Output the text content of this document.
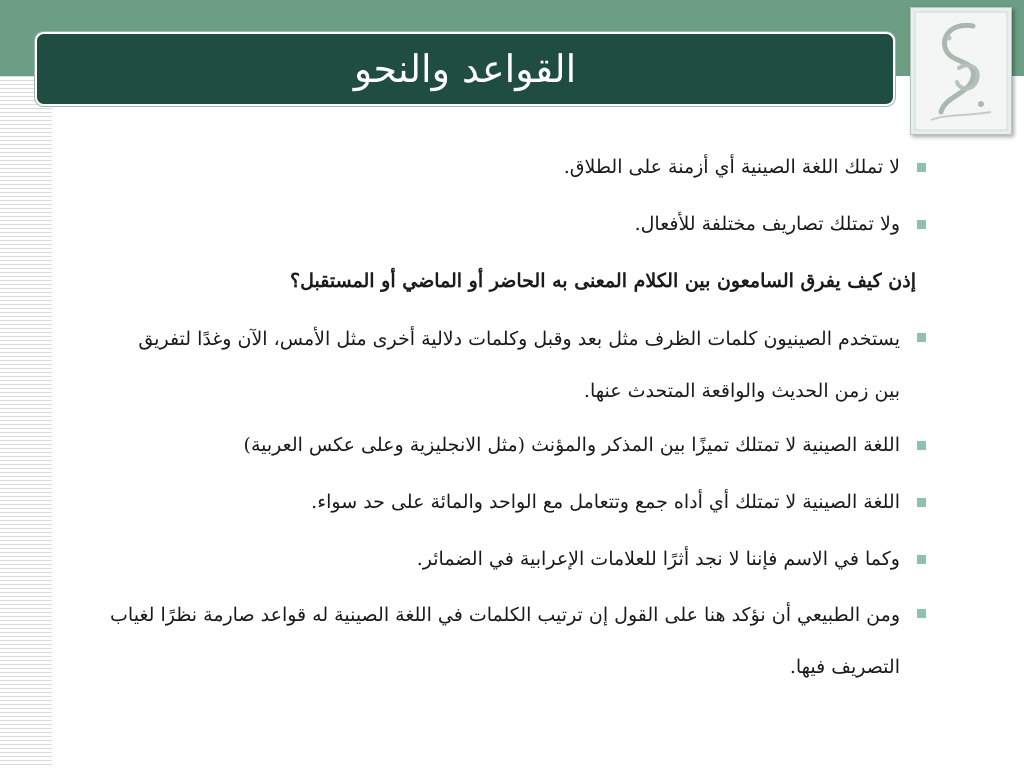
القواعد والنحو
لا تملك اللغة الصينية أي أزمنة على الطلاق.
ولا تمتلك تصاريف مختلفة للأفعال.
إذن كيف يفرق السامعون بين الكلام المعنى به الحاضر أو الماضي أو المستقبل؟
يستخدم الصينيون كلمات الظرف مثل بعد وقبل وكلمات دلالية أخرى مثل الأمس، الآن وغدًا لتفريق بين زمن الحديث والواقعة المتحدث عنها.
اللغة الصينية لا تمتلك تميزًا بين المذكر والمؤنث (مثل الانجليزية وعلى عكس العربية)
اللغة الصينية لا تمتلك أي أداه جمع وتتعامل مع الواحد والمائة على حد سواء.
وكما في الاسم فإننا لا نجد أثرًا للعلامات الإعرابية في الضمائر.
ومن الطبيعي أن نؤكد هنا على القول إن ترتيب الكلمات في اللغة الصينية له قواعد صارمة نظرًا لغياب التصريف فيها.
